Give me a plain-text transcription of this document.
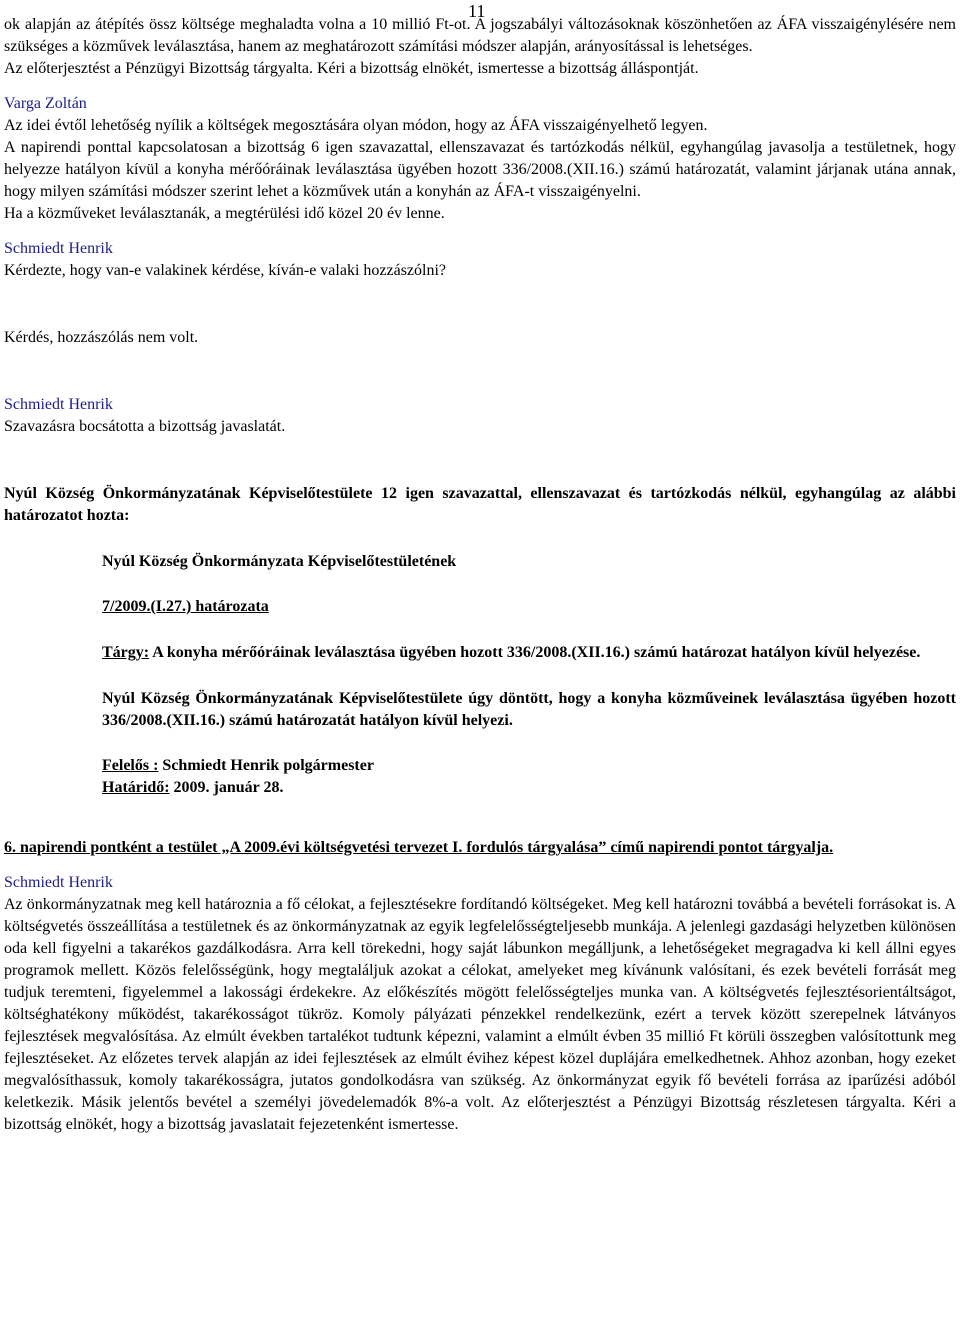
11

ok alapján az átépítés össz költsége meghaladta volna a 10 millió Ft-ot. A jogszabályi változásoknak köszönhetően az ÁFA visszaigénylésére nem szükséges a közművek leválasztása, hanem az meghatározott számítási módszer alapján, arányosítással is lehetséges.

Az előterjesztést a Pénzügyi Bizottság tárgyalta. Kéri a bizottság elnökét, ismertesse a bizottság álláspontját.

Varga Zoltán

Az idei évtől lehetőség nyílik a költségek megosztására olyan módon, hogy az ÁFA visszaigényelhető legyen.

A napirendi ponttal kapcsolatosan a bizottság 6 igen szavazattal, ellenszavazat és tartózkodás nélkül, egyhangúlag javasolja a testületnek, hogy helyezze hatályon kívül a konyha mérőóráinak leválasztása ügyében hozott 336/2008.(XII.16.) számú határozatát, valamint járjanak utána annak, hogy milyen számítási módszer szerint lehet a közművek után a konyhán az ÁFA-t visszaigényelni.

Ha a közműveket leválasztanák, a megtérülési idő közel 20 év lenne.

Schmiedt Henrik

Kérdezte, hogy van-e valakinek kérdése, kíván-e valaki hozzászólni?

Kérdés, hozzászólás nem volt.

Schmiedt Henrik

Szavazásra bocsátotta a bizottság javaslatát.

Nyúl Község Önkormányzatának Képviselőtestülete 12 igen szavazattal, ellenszavazat és tartózkodás nélkül, egyhangúlag az alábbi határozatot hozta:

Nyúl Község Önkormányzata Képviselőtestületének

7/2009.(I.27.) határozata

Tárgy: A konyha mérőóráinak leválasztása ügyében hozott 336/2008.(XII.16.) számú határozat hatályon kívül helyezése.

Nyúl Község Önkormányzatának Képviselőtestülete úgy döntött, hogy a konyha közműveinek leválasztása ügyében hozott 336/2008.(XII.16.) számú határozatát hatályon kívül helyezi.

Felelős : Schmiedt Henrik polgármester

Határidő: 2009. január 28.

6. napirendi pontként a testület „A 2009.évi költségvetési tervezet I. fordulós tárgyalása” című napirendi pontot tárgyalja.

Schmiedt Henrik

Az önkormányzatnak meg kell határoznia a fő célokat, a fejlesztésekre fordítandó költségeket. Meg kell határozni továbbá a bevételi forrásokat is. A költségvetés összeállítása a testületnek és az önkormányzatnak az egyik legfelelősségteljesebb munkája. A jelenlegi gazdasági helyzetben különösen oda kell figyelni a takarékos gazdálkodásra. Arra kell törekedni, hogy saját lábunkon megálljunk, a lehetőségeket megragadva ki kell állni egyes programok mellett. Közös felelősségünk, hogy megtaláljuk azokat a célokat, amelyeket meg kívánunk valósítani, és ezek bevételi forrását meg tudjuk teremteni, figyelemmel a lakossági érdekekre. Az előkészítés mögött felelősségteljes munka van. A költségvetés fejlesztésorientáltságot, költséghatékony működést, takarékosságot tükröz. Komoly pályázati pénzekkel rendelkezünk, ezért a tervek között szerepelnek látványos fejlesztések megvalósítása. Az elmúlt években tartalékot tudtunk képezni, valamint a elmúlt évben 35 millió Ft körüli összegben valósítottunk meg fejlesztéseket. Az előzetes tervek alapján az idei fejlesztések az elmúlt évihez képest közel duplájára emelkedhetnek. Ahhoz azonban, hogy ezeket megvalósíthassuk, komoly takarékosságra, jutatos gondolkodásra van szükség. Az önkormányzat egyik fő bevételi forrása az iparűzési adóból keletkezik. Másik jelentős bevétel a személyi jövedelemadók 8%-a volt. Az előterjesztést a Pénzügyi Bizottság részletesen tárgyalta. Kéri a bizottság elnökét, hogy a bizottság javaslatait fejezetenként ismertesse.
